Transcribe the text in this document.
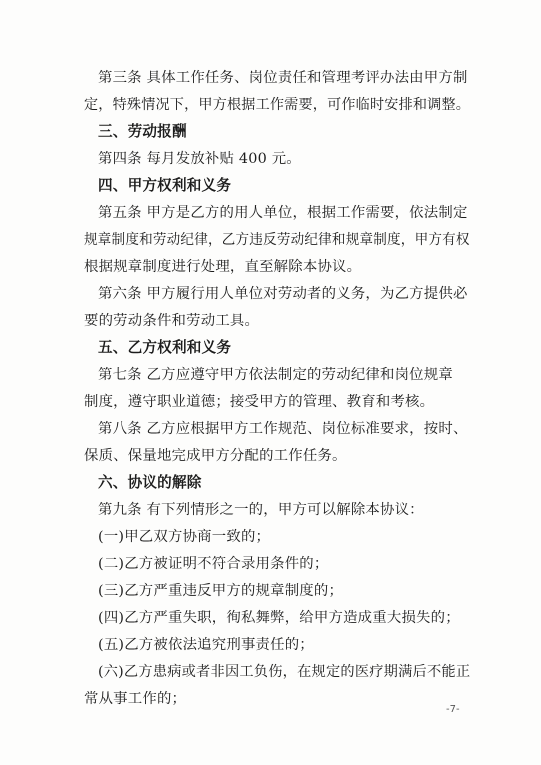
第三条 具体工作任务、岗位责任和管理考评办法由甲方制
定，特殊情况下，甲方根据工作需要，可作临时安排和调整。
三、劳动报酬
第四条 每月发放补贴 400 元。
四、甲方权利和义务
第五条 甲方是乙方的用人单位，根据工作需要，依法制定
规章制度和劳动纪律，乙方违反劳动纪律和规章制度，甲方有权
根据规章制度进行处理，直至解除本协议。
第六条 甲方履行用人单位对劳动者的义务，为乙方提供必
要的劳动条件和劳动工具。
五、乙方权利和义务
第七条 乙方应遵守甲方依法制定的劳动纪律和岗位规章
制度，遵守职业道德；接受甲方的管理、教育和考核。
第八条 乙方应根据甲方工作规范、岗位标准要求，按时、
保质、保量地完成甲方分配的工作任务。
六、协议的解除
第九条 有下列情形之一的，甲方可以解除本协议：
(一)甲乙双方协商一致的；
(二)乙方被证明不符合录用条件的；
(三)乙方严重违反甲方的规章制度的；
(四)乙方严重失职，徇私舞弊，给甲方造成重大损失的；
(五)乙方被依法追究刑事责任的；
(六)乙方患病或者非因工负伤，在规定的医疗期满后不能正
常从事工作的；
-7-
